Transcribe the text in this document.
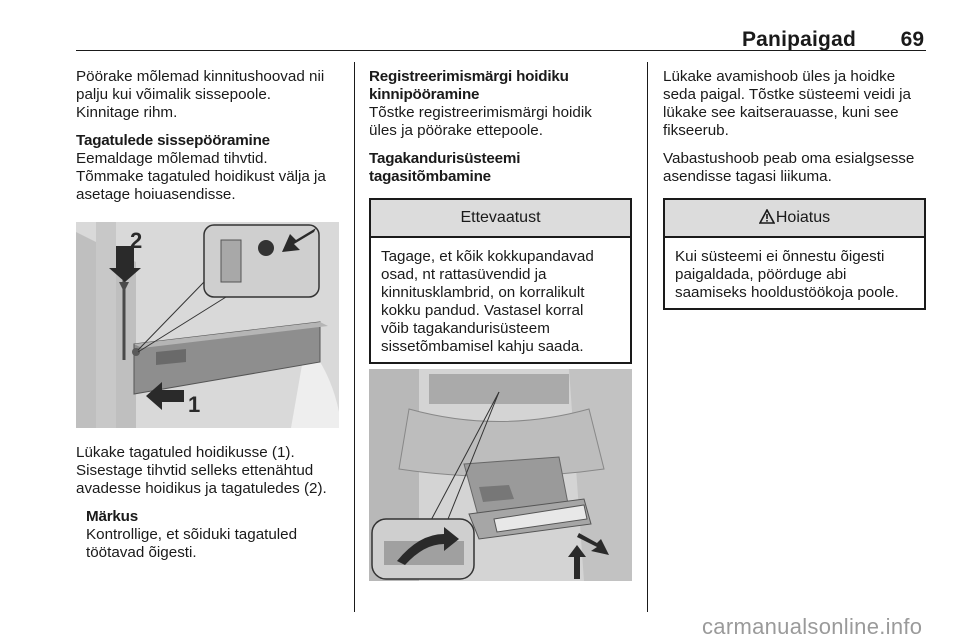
Panipaigad 69

Pöörake mõlemad kinnitushoovad nii
palju kui võimalik sissepoole.
Kinnitage rihm.

Tagatulede sissepööramine

Eemaldage mõlemad tihvtid.
Tõmmake tagatuled hoidikust välja ja
asetage hoiuasendisse.

2
1

Lükake tagatuled hoidikusse (1).
Sisestage tihvtid selleks ettenähtud
avadesse hoidikus ja tagatuledes (2).

Märkus
Kontrollige, et sõiduki tagatuled
töötavad õigesti.
Registreerimismärgi hoidiku
kinnipööramine

Tõstke registreerimismärgi hoidik
üles ja pöörake ettepoole.

Tagakandurisüsteemi
tagasitõmbamine
Ettevaatust
Tagage, et kõik kokkupandavad
osad, nt rattasüvendid ja
kinnitusklambrid, on korralikult
kokku pandud. Vastasel korral
võib tagakandurisüsteem
sissetõmbamisel kahju saada.

Lükake avamishoob üles ja hoidke
seda paigal. Tõstke süsteemi veidi ja
lükake see kaitserauasse, kuni see
fikseerub.

Vabastushoob peab oma esialgsesse
asendisse tagasi liikuma.

Hoiatus
Kui süsteemi ei õnnestu õigesti
paigaldada, pöörduge abi
saamiseks hooldustöökoja poole.
carmanualsonline.info
